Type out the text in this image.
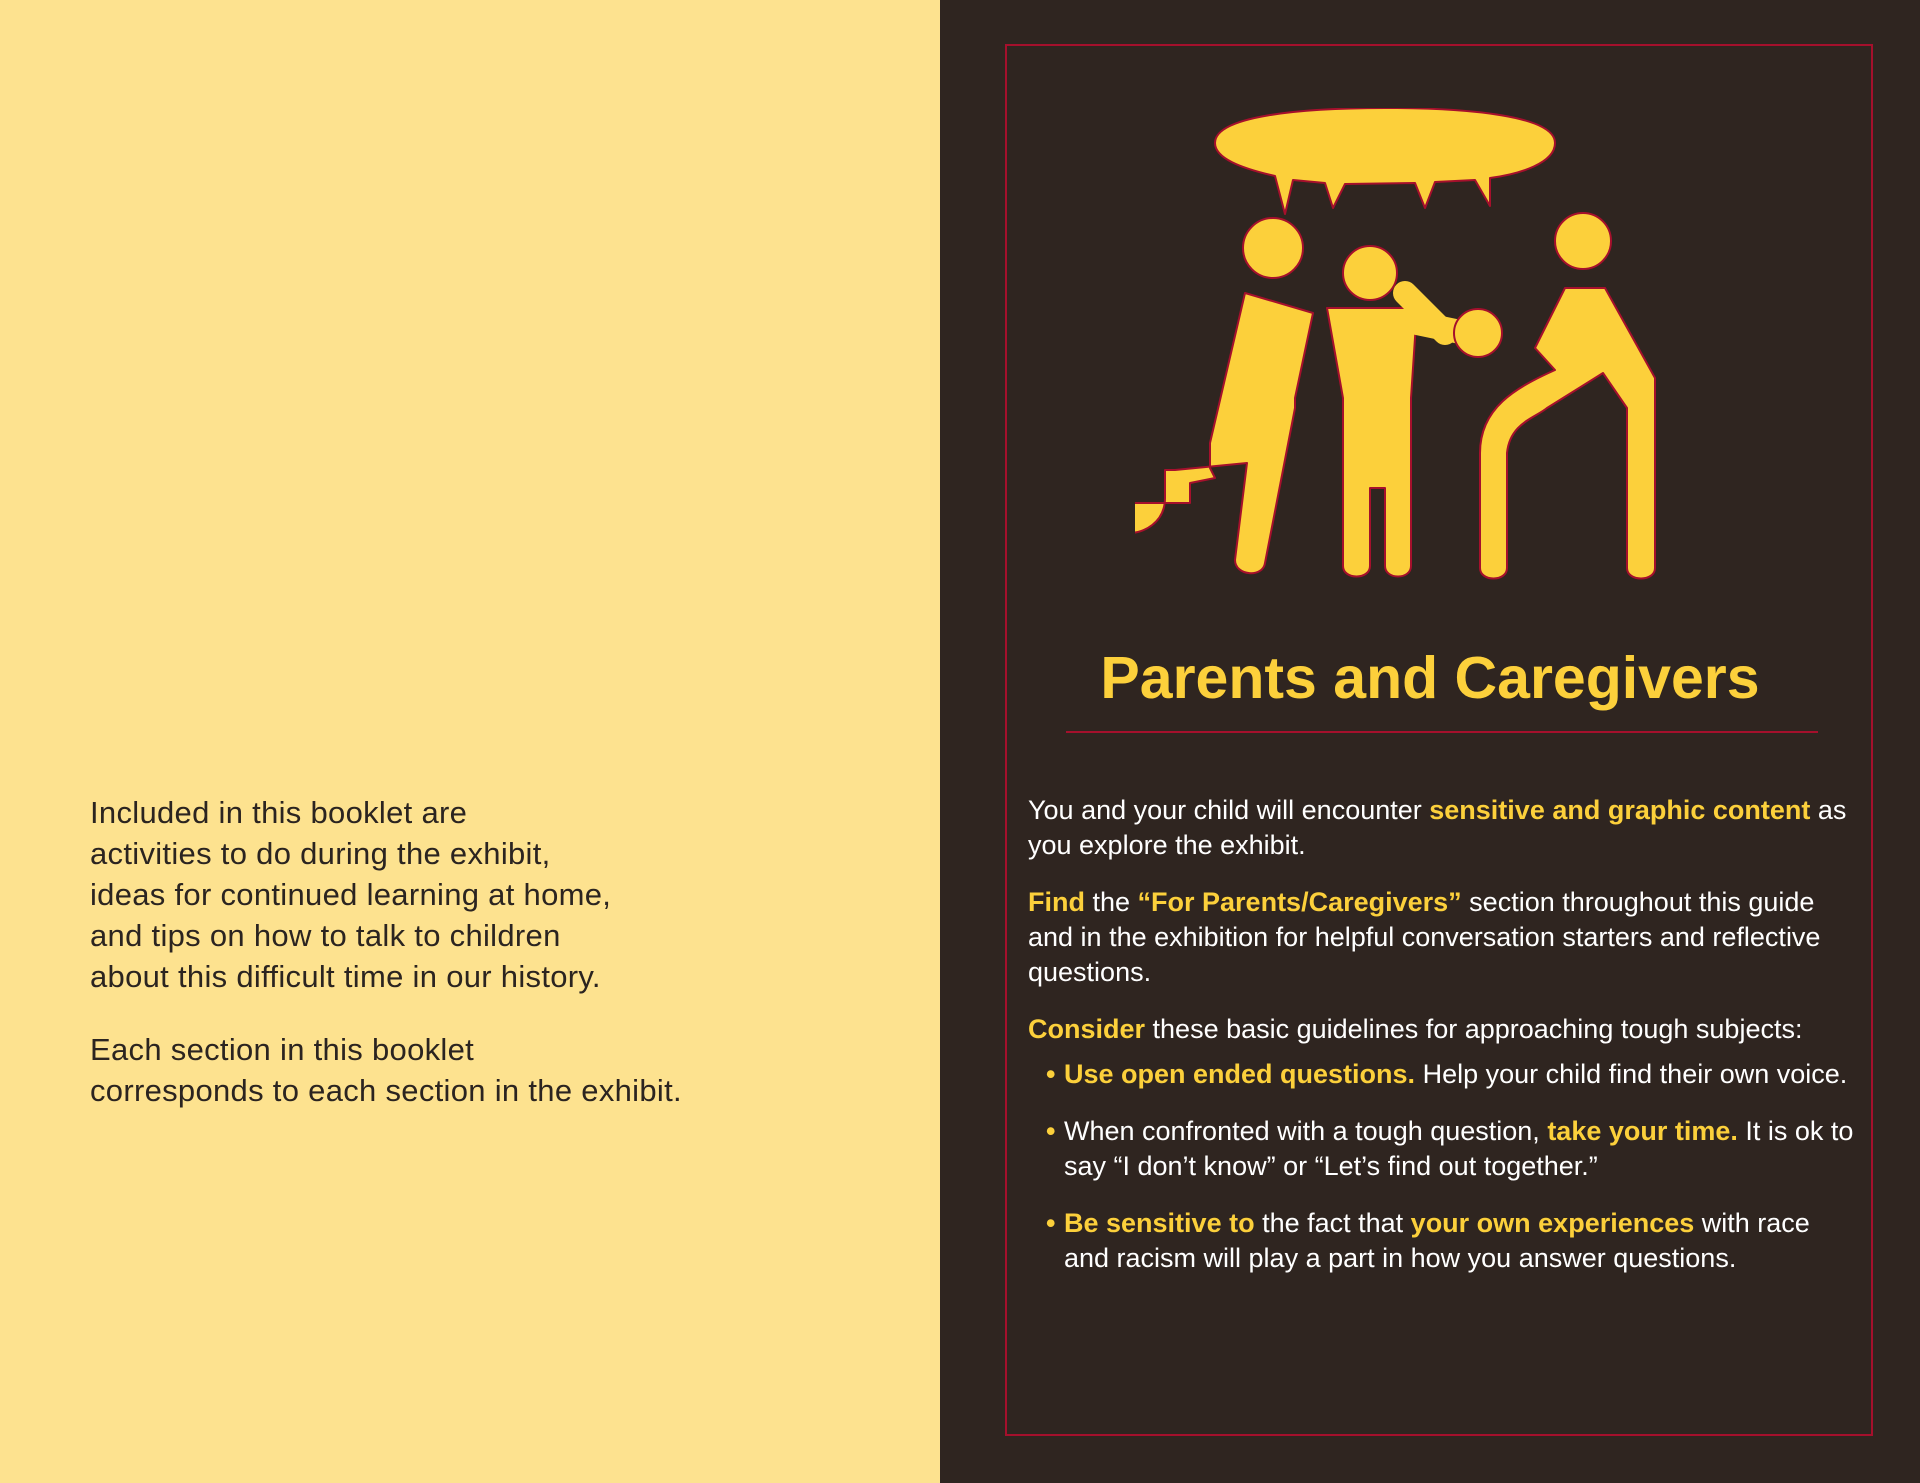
Included in this booklet are
activities to do during the exhibit,
ideas for continued learning at home,
and tips on how to talk to children
about this difficult time in our history.

Each section in this booklet
corresponds to each section in the exhibit.

Parents and Caregivers

You and your child will encounter sensitive and graphic content as you explore the exhibit.

Find the “For Parents/Caregivers” section throughout this guide and in the exhibition for helpful conversation starters and reflective questions.

Consider these basic guidelines for approaching tough subjects:

• Use open ended questions. Help your child find their own voice.
• When confronted with a tough question, take your time. It is ok to say “I don’t know” or “Let’s find out together.”
• Be sensitive to the fact that your own experiences with race and racism will play a part in how you answer questions.
